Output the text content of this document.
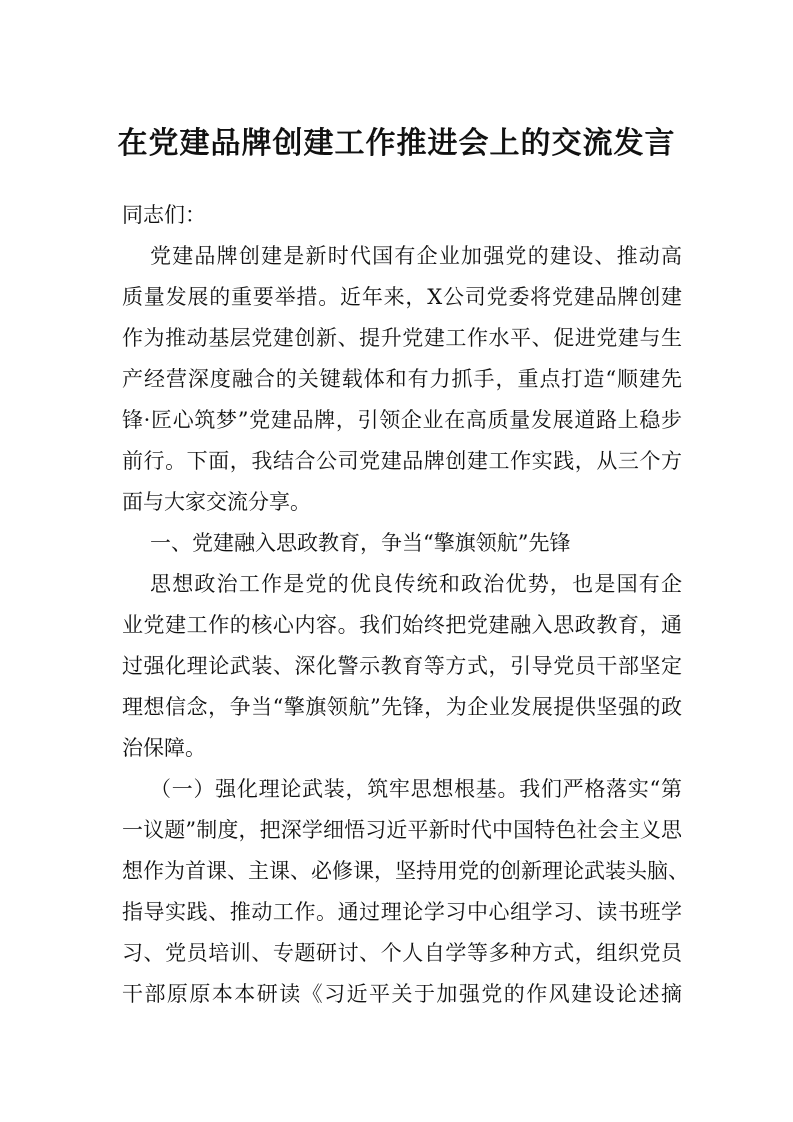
在党建品牌创建工作推进会上的交流发言

同志们：

党建品牌创建是新时代国有企业加强党的建设、推动高

质量发展的重要举措。近年来，X公司党委将党建品牌创建

作为推动基层党建创新、提升党建工作水平、促进党建与生

产经营深度融合的关键载体和有力抓手，重点打造“顺建先

锋·匠心筑梦”党建品牌，引领企业在高质量发展道路上稳步

前行。下面，我结合公司党建品牌创建工作实践，从三个方

面与大家交流分享。

一、党建融入思政教育，争当“擎旗领航”先锋

思想政治工作是党的优良传统和政治优势，也是国有企

业党建工作的核心内容。我们始终把党建融入思政教育，通

过强化理论武装、深化警示教育等方式，引导党员干部坚定

理想信念，争当“擎旗领航”先锋，为企业发展提供坚强的政

治保障。

（一）强化理论武装，筑牢思想根基。我们严格落实“第

一议题”制度，把深学细悟习近平新时代中国特色社会主义思

想作为首课、主课、必修课，坚持用党的创新理论武装头脑、

指导实践、推动工作。通过理论学习中心组学习、读书班学

习、党员培训、专题研讨、个人自学等多种方式，组织党员

干部原原本本研读《习近平关于加强党的作风建设论述摘
